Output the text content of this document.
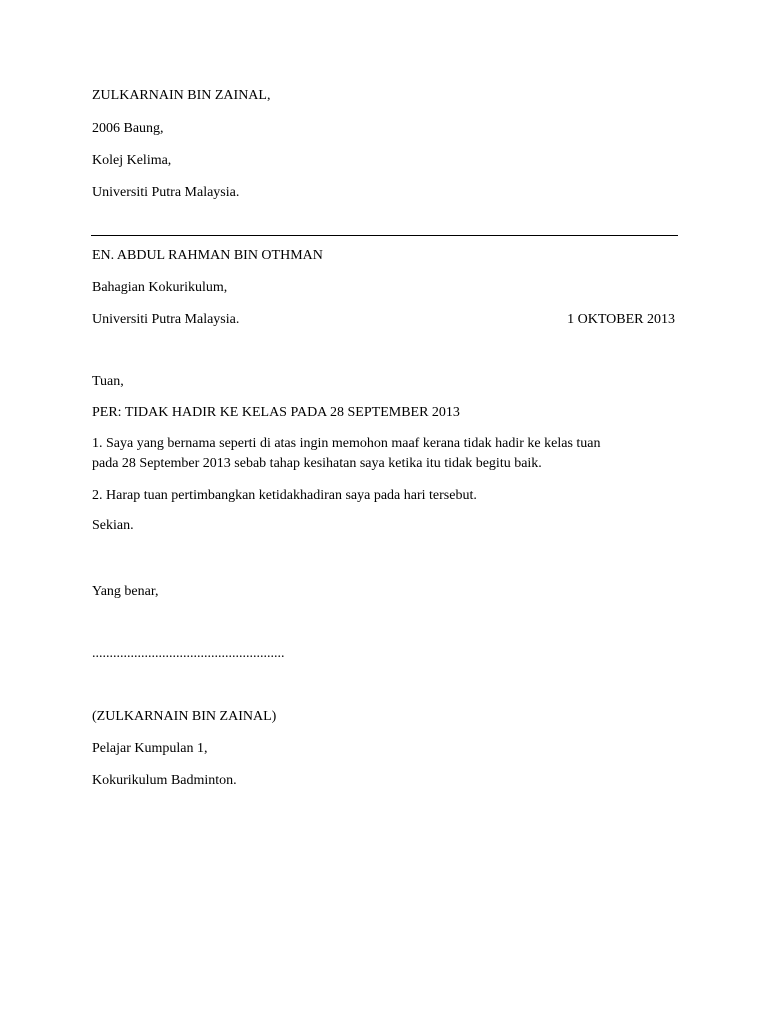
ZULKARNAIN BIN ZAINAL,
2006 Baung,
Kolej Kelima,
Universiti Putra Malaysia.
EN. ABDUL RAHMAN BIN OTHMAN
Bahagian Kokurikulum,
Universiti Putra Malaysia.	1 OKTOBER 2013
Tuan,
PER: TIDAK HADIR KE KELAS PADA 28 SEPTEMBER 2013
1. Saya yang bernama seperti di atas ingin memohon maaf kerana tidak hadir ke kelas tuan
pada 28 September 2013 sebab tahap kesihatan saya ketika itu tidak begitu baik.
2. Harap tuan pertimbangkan ketidakhadiran saya pada hari tersebut.
Sekian.
Yang benar,
.......................................................
(ZULKARNAIN BIN ZAINAL)
Pelajar Kumpulan 1,
Kokurikulum Badminton.
